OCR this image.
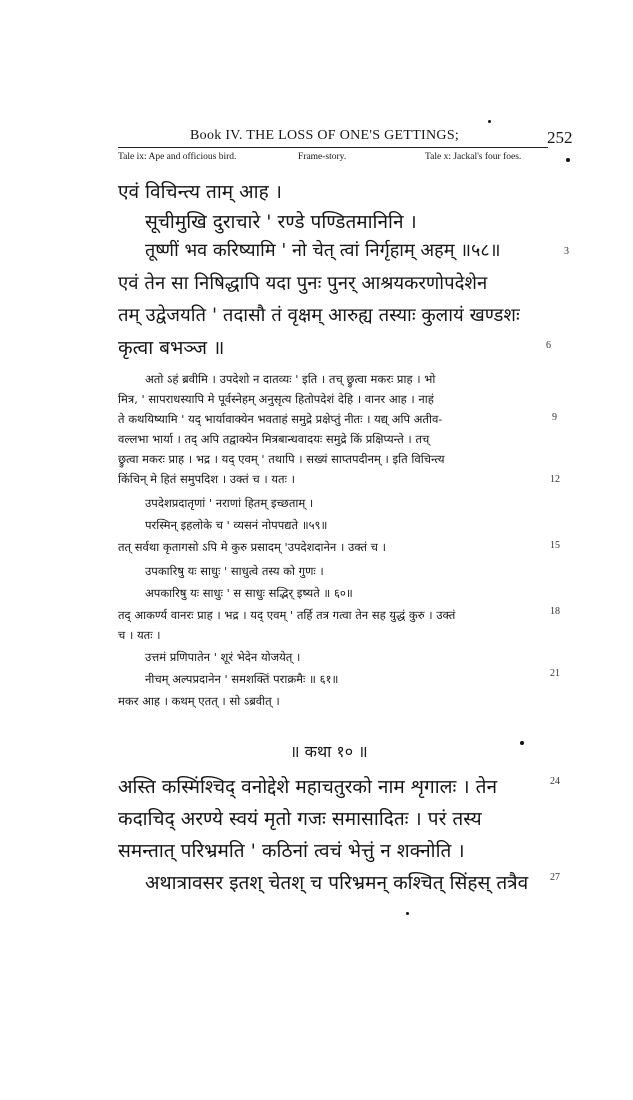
Book IV. THE LOSS OF ONE'S GETTINGS;	252
Tale ix: Ape and officious bird.	Frame-story.	Tale x: Jackal's four foes.
एवं विचिन्त्य ताम् आह ।
सूचीमुखि दुराचारे ' रण्डे पण्डितमानिनि ।
तूष्णीं भव करिष्यामि ' नो चेत् त्वां निर्गृहाम् अहम् ॥५८॥	3
एवं तेन सा निषिद्धापि यदा पुनः पुनर् आश्रयकरणोपदेशेन
तम् उद्वेजयति ' तदासौ तं वृक्षम् आरुह्य तस्याः कुलायं खण्डशः
कृत्वा बभञ्ज ॥	6
अतो ऽहं ब्रवीमि । उपदेशो न दातव्यः ' इति । तच् छ्रुत्वा मकरः प्राह । भो
मित्र, ' सापराधस्यापि मे पूर्वस्नेहम् अनुसृत्य हितोपदेशं देहि । वानर आह । नाहं
ते कथयिष्यामि ' यद् भार्यावाक्येन भवताहं समुद्रे प्रक्षेप्तुं नीतः । यद्य् अपि अतीव-	9
वल्लभा भार्या । तद् अपि तद्वाक्येन मित्रबान्धवादयः समुद्रे किं प्रक्षिप्यन्ते । तच्
छ्रुत्वा मकरः प्राह । भद्र । यद् एवम् ' तथापि । सख्यं साप्तपदीनम् । इति विचिन्त्य
किंचिन् मे हितं समुपदिश । उक्तं च । यतः ।	12
उपदेशप्रदातृणां ' नराणां हितम् इच्छताम् ।
परस्मिन् इहलोके च ' व्यसनं नोपपद्यते ॥५९॥
तत् सर्वथा कृतागसो ऽपि मे कुरु प्रसादम् 'उपदेशदानेन । उक्तं च ।	15
उपकारिषु यः साधुः ' साधुत्वे तस्य को गुणः ।
अपकारिषु यः साधुः ' स साधुः सद्भिर् इष्यते ॥ ६०॥
तद् आकर्ण्य वानरः प्राह । भद्र । यद् एवम् ' तर्हि तत्र गत्वा तेन सह युद्धं कुरु । उक्तं	18
च । यतः ।
उत्तमं प्रणिपातेन ' शूरं भेदेन योजयेत् ।
21
नीचम् अल्पप्रदानेन ' समशक्तिं पराक्रमैः ॥ ६१॥
मकर आह । कथम् एतत् । सो ऽब्रवीत् ।
॥ कथा १० ॥
अस्ति कस्मिंश्चिद् वनोद्देशे महाचतुरको नाम शृगालः । तेन	24
कदाचिद् अरण्ये स्वयं मृतो गजः समासादितः । परं तस्य
समन्तात् परिभ्रमति ' कठिनां त्वचं भेत्तुं न शक्नोति ।
अथात्रावसर इतश् चेतश् च परिभ्रमन् कश्चित् सिंहस् तत्रैव 27
